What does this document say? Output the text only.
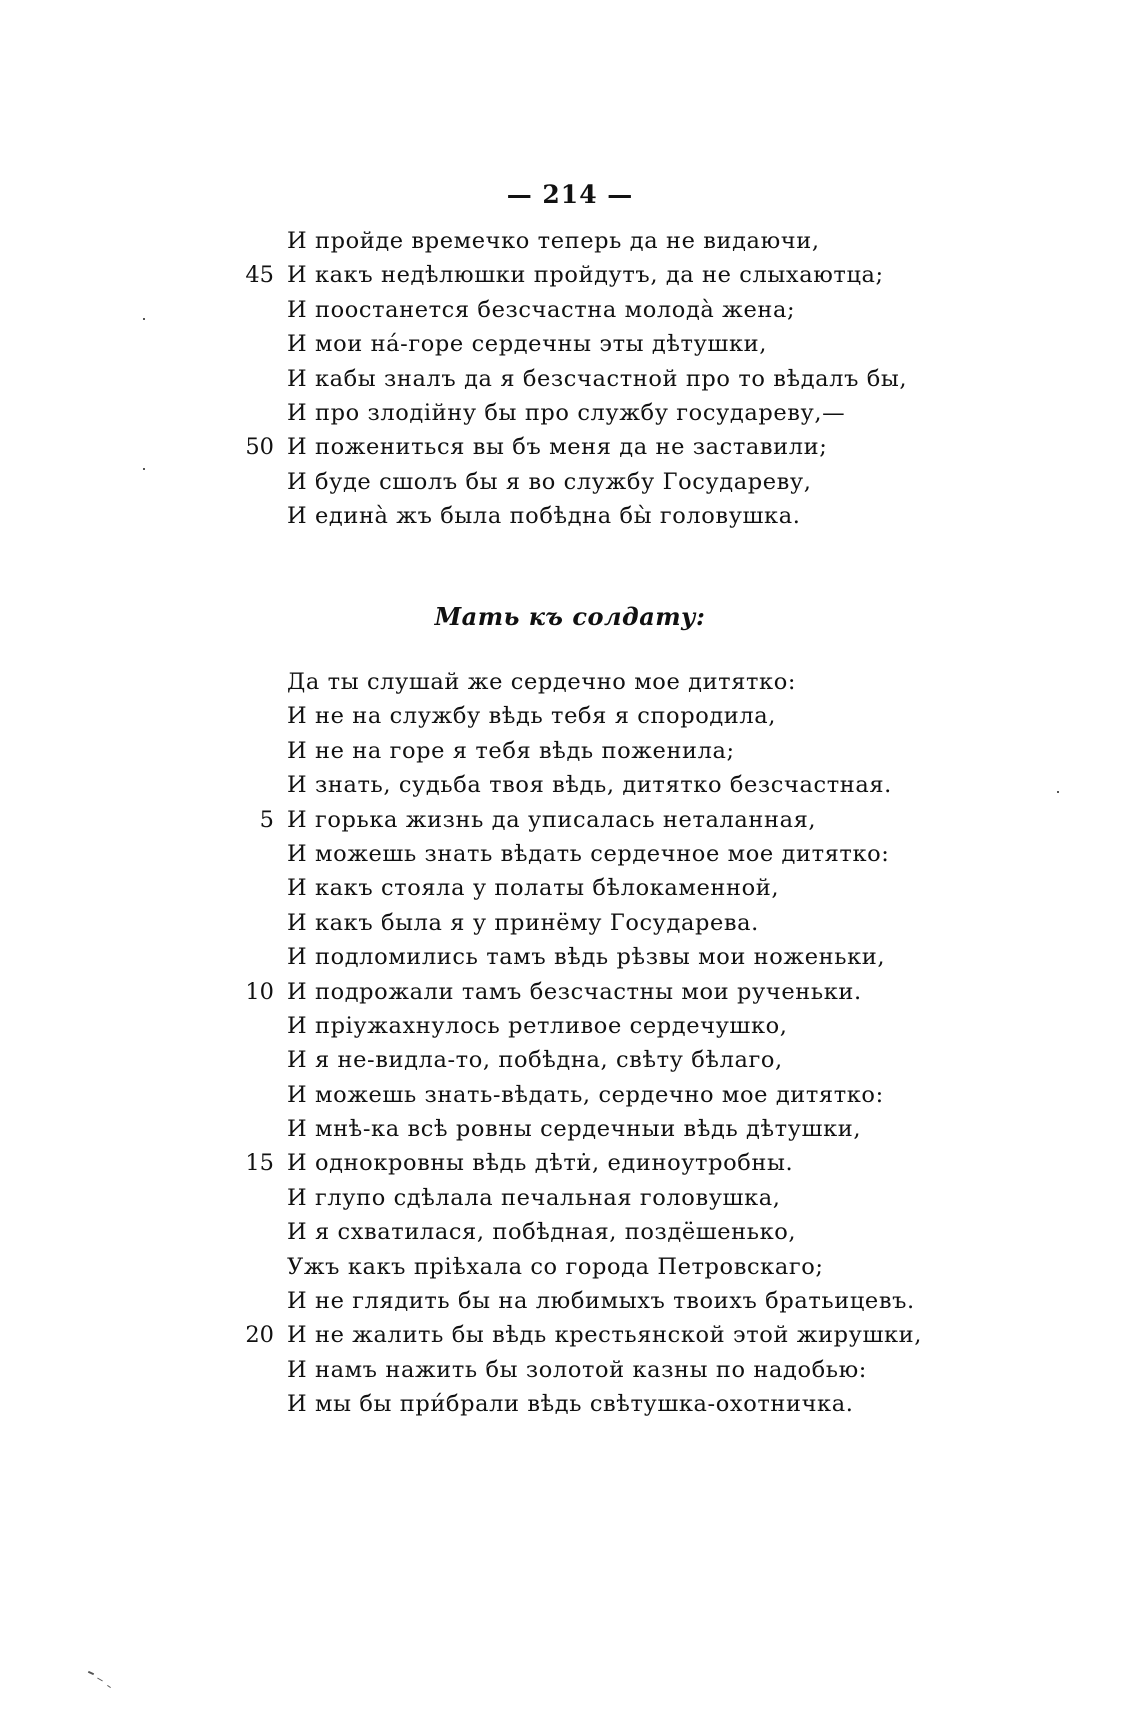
— 214 —
И пройде времечко теперь да не видаючи,
45 И какъ недѣлюшки пройдутъ, да не слыхаютца;
И поостанется безсчастна молода̀ жена;
И мои на́-горе сердечны эты дѣтушки,
И кабы зналъ да я безсчастной про то вѣдалъ бы,
И про злодійну бы про службу государеву,—
50 И пожениться вы бъ меня да не заставили;
И буде сшолъ бы я во службу Государеву,
И едина̀ жъ была побѣдна бы̀ головушка.
Мать къ солдату:
Да ты слушай же сердечно мое дитятко:
И не на службу вѣдь тебя я спородила,
И не на горе я тебя вѣдь поженила;
И знать, судьба твоя вѣдь, дитятко безсчастная.
5 И горька жизнь да уписалась неталанная,
И можешь знать вѣдать сердечное мое дитятко:
И какъ стояла у полаты бѣлокаменной,
И какъ была я у принёму Государева.
И подломились тамъ вѣдь рѣзвы мои ноженьки,
10 И подрожали тамъ безсчастны мои рученьки.
И пріужахнулось ретливое сердечушко,
И я не-видла-то, побѣдна, свѣту бѣлаго,
И можешь знать-вѣдать, сердечно мое дитятко:
И мнѣ-ка всѣ ровны сердечныи вѣдь дѣтушки,
15 И однокровны вѣдь дѣти̇, единоутробны.
И глупо сдѣлала печальная головушка,
И я схватилася, побѣдная, поздёшенько,
Ужъ какъ пріѣхала со города Петровскаго;
И не глядить бы на любимыхъ твоихъ братьицевъ.
20 И не жалить бы вѣдь крестьянской этой жирушки,
И намъ нажить бы золотой казны по надобью:
И мы бы при́брали вѣдь свѣтушка-охотничка.
